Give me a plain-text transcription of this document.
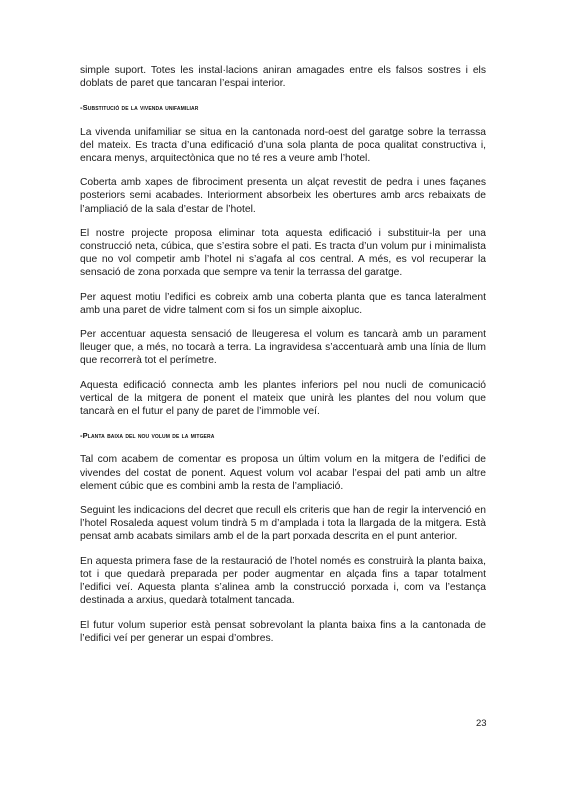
simple suport. Totes les instal·lacions aniran amagades entre els falsos sostres i els doblats de paret que tancaran l’espai interior.

-Substitució de la vivenda unifamiliar

La vivenda unifamiliar se situa en la cantonada nord-oest del garatge sobre la terrassa del mateix. Es tracta d’una edificació d’una sola planta de poca qualitat constructiva i, encara menys, arquitectònica que no té res a veure amb l’hotel.

Coberta amb xapes de fibrociment presenta un alçat revestit de pedra i unes façanes posteriors semi acabades. Interiorment absorbeix les obertures amb arcs rebaixats de l’ampliació de la sala d’estar de l’hotel.

El nostre projecte proposa eliminar tota aquesta edificació i substituir-la per una construcció neta, cúbica, que s’estira sobre el pati. Es tracta d’un volum pur i minimalista que no vol competir amb l’hotel ni s’agafa al cos central. A més, es vol recuperar la sensació de zona porxada que sempre va tenir la terrassa del garatge.

Per aquest motiu l’edifici es cobreix amb una coberta planta que es tanca lateralment amb una paret de vidre talment com si fos un simple aixopluc.

Per accentuar aquesta sensació de lleugeresa el volum es tancarà amb un parament lleuger que, a més, no tocarà a terra. La ingravidesa s’accentuarà amb una línia de llum que recorrerà tot el perímetre.

Aquesta edificació connecta amb les plantes inferiors pel nou nucli de comunicació vertical de la mitgera de ponent el mateix que unirà les plantes del nou volum que tancarà en el futur el pany de paret de l’immoble veí.

-Planta baixa del nou volum de la mitgera

Tal com acabem de comentar es proposa un últim volum en la mitgera de l’edifici de vivendes del costat de ponent. Aquest volum vol acabar l’espai del pati amb un altre element cúbic que es combini amb la resta de l’ampliació.

Seguint les indicacions del decret que recull els criteris que han de regir la intervenció en l’hotel Rosaleda aquest volum tindrà 5 m d’amplada i tota la llargada de la mitgera. Està pensat amb acabats similars amb el de la part porxada descrita en el punt anterior.

En aquesta primera fase de la restauració de l’hotel només es construirà la planta baixa, tot i que quedarà preparada per poder augmentar en alçada fins a tapar totalment l’edifici veí. Aquesta planta s’alinea amb la construcció porxada i, com va l’estança destinada a arxius, quedarà totalment tancada.

El futur volum superior està pensat sobrevolant la planta baixa fins a la cantonada de l’edifici veí per generar un espai d’ombres.

23
